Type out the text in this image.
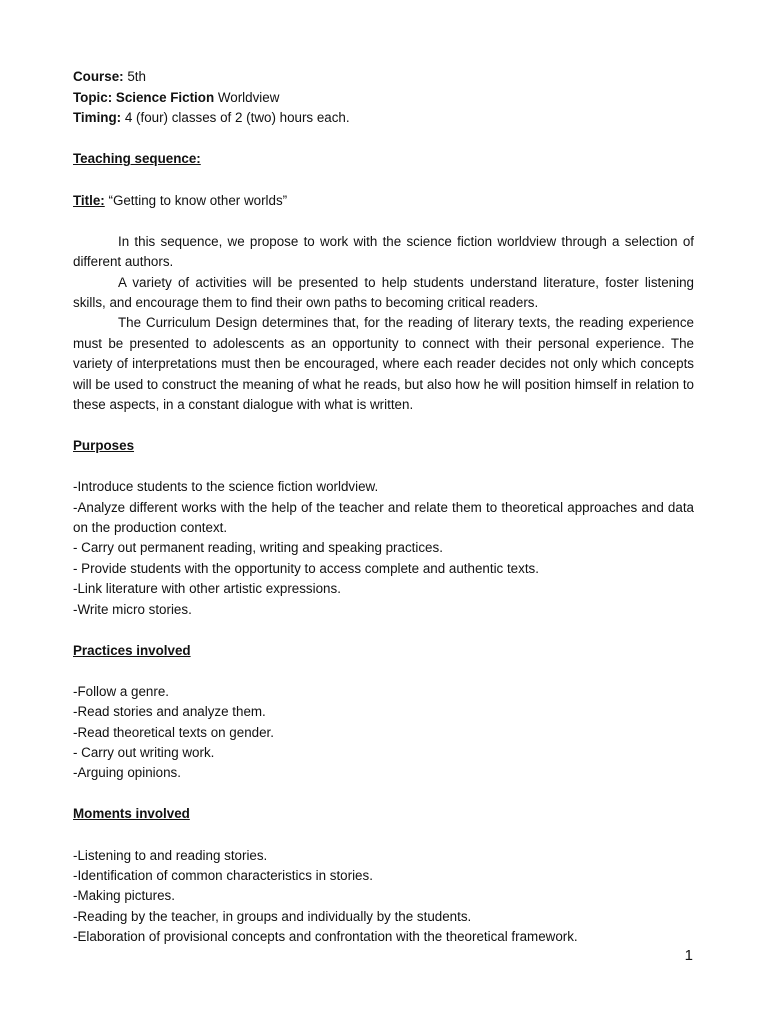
Course: 5th

Topic: Science Fiction Worldview

Timing: 4 (four) classes of 2 (two) hours each.

Teaching sequence:

Title: “Getting to know other worlds”

In this sequence, we propose to work with the science fiction worldview through a selection of different authors.

A variety of activities will be presented to help students understand literature, foster listening skills, and encourage them to find their own paths to becoming critical readers.

The Curriculum Design determines that, for the reading of literary texts, the reading experience must be presented to adolescents as an opportunity to connect with their personal experience. The variety of interpretations must then be encouraged, where each reader decides not only which concepts will be used to construct the meaning of what he reads, but also how he will position himself in relation to these aspects, in a constant dialogue with what is written.

Purposes

-Introduce students to the science fiction worldview.

-Analyze different works with the help of the teacher and relate them to theoretical approaches and data on the production context.

- Carry out permanent reading, writing and speaking practices.

- Provide students with the opportunity to access complete and authentic texts.

-Link literature with other artistic expressions.

-Write micro stories.

Practices involved

-Follow a genre.

-Read stories and analyze them.

-Read theoretical texts on gender.

- Carry out writing work.

-Arguing opinions.

Moments involved

-Listening to and reading stories.

-Identification of common characteristics in stories.

-Making pictures.

-Reading by the teacher, in groups and individually by the students.

-Elaboration of provisional concepts and confrontation with the theoretical framework.

1
